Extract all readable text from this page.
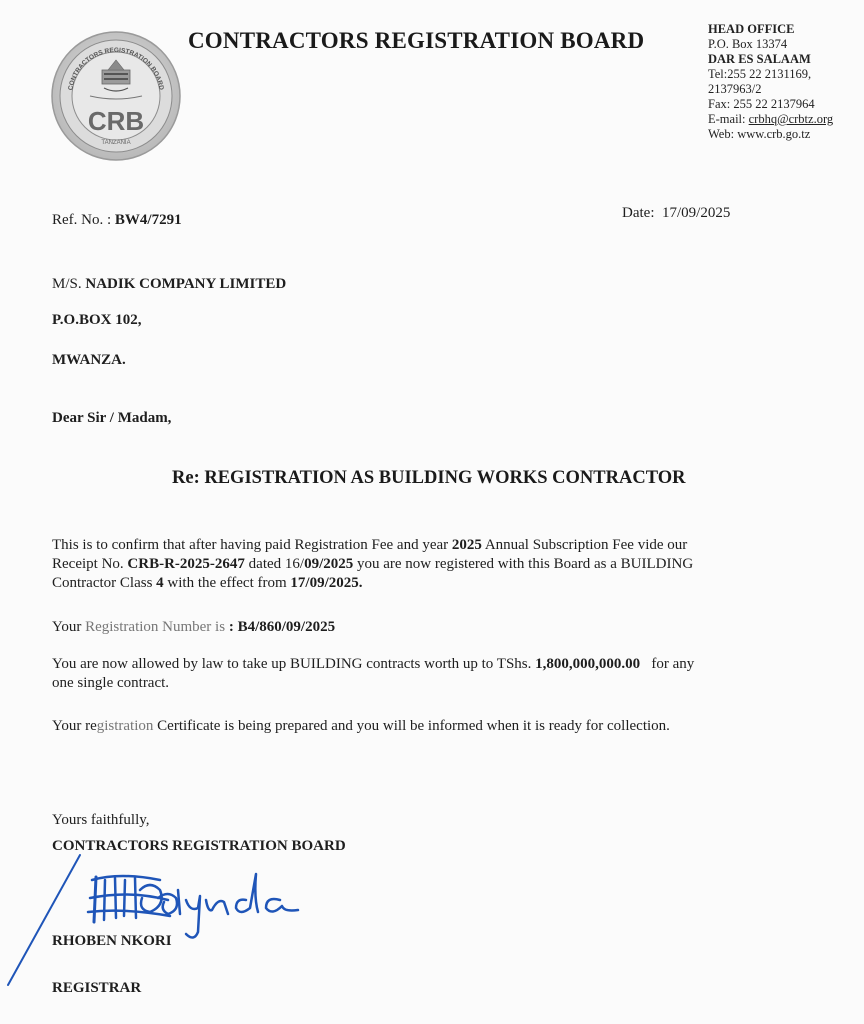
CONTRACTORS REGISTRATION BOARD
CRB
TANZANIA
CONTRACTORS REGISTRATION BOARD	HEAD OFFICE
P.O. Box 13374
DAR ES SALAAM
Tel:255 22 2131169,
2137963/2
Fax: 255 22 2137964
E-mail: crbhq@crbtz.org
Web: www.crb.go.tz
Ref. No. : BW4/7291	Date: 17/09/2025
M/S. NADIK COMPANY LIMITED
P.O.BOX 102,
MWANZA.
Dear Sir / Madam,
Re: REGISTRATION AS BUILDING WORKS CONTRACTOR
This is to confirm that after having paid Registration Fee and year 2025 Annual Subscription Fee vide our
Receipt No. CRB-R-2025-2647 dated 16/09/2025 you are now registered with this Board as a BUILDING
Contractor Class 4 with the effect from 17/09/2025.
Your Registration Number is : B4/860/09/2025
You are now allowed by law to take up BUILDING contracts worth up to TShs. 1,800,000,000.00   for any
one single contract.
Your registration Certificate is being prepared and you will be informed when it is ready for collection.
Yours faithfully,
CONTRACTORS REGISTRATION BOARD
RHOBEN NKORI
REGISTRAR
